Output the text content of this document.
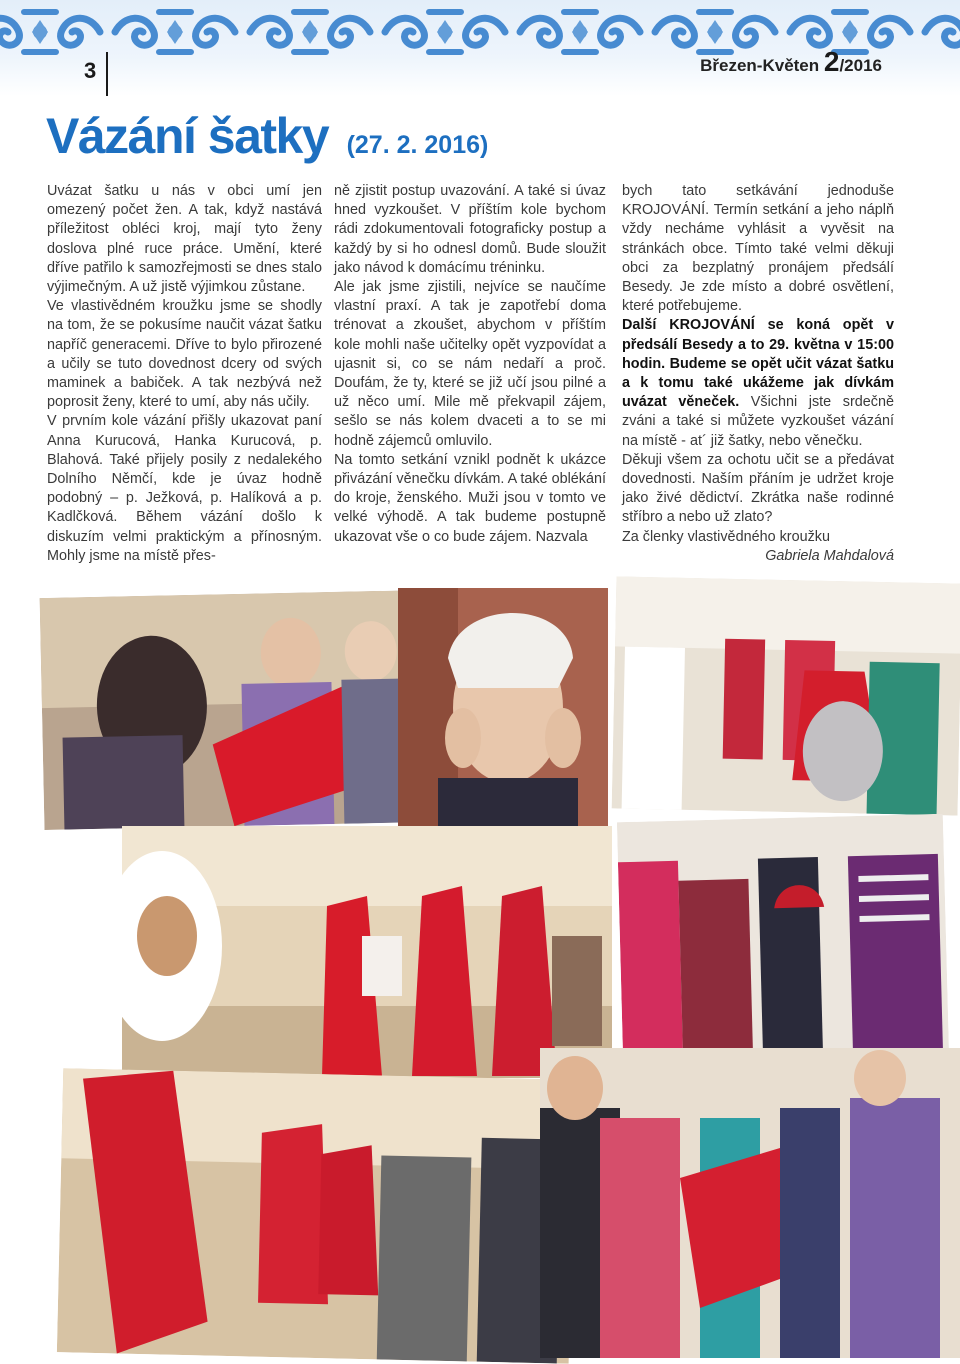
3	Březen-Květen 2/2016
Vázání šatky (27. 2. 2016)

Uvázat šatku u nás v obci umí jen omezený počet žen. A tak, když nastává příležitost obléci kroj, mají tyto ženy doslova plné ruce práce. Umění, které dříve patřilo k samozřejmosti se dnes stalo výjimečným. A už jistě výjimkou zůstane.

Ve vlastivědném kroužku jsme se shodly na tom, že se pokusíme naučit vázat šatku napříč generacemi. Dříve to bylo přirozené a učily se tuto dovednost dcery od svých maminek a babiček. A tak nezbývá než poprosit ženy, které to umí, aby nás učily.

V prvním kole vázání přišly ukazovat paní Anna Kurucová, Hanka Kurucová, p. Blahová. Také přijely posily z nedalekého Dolního Němčí, kde je úvaz hodně podobný – p. Ježková, p. Halíková a p. Kadlčková. Během vázání došlo k diskuzím velmi praktickým a přínosným. Mohly jsme na místě přes-

ně zjistit postup uvazování. A také si úvaz hned vyzkoušet. V příštím kole bychom rádi zdokumentovali fotograficky postup a každý by si ho odnesl domů. Bude sloužit jako návod k domácímu tréninku.

Ale jak jsme zjistili, nejvíce se naučíme vlastní praxí. A tak je zapotřebí doma trénovat a zkoušet, abychom v příštím kole mohli naše učitelky opět vyzpovídat a ujasnit si, co se nám nedaří a proč. Doufám, že ty, které se již učí jsou pilné a už něco umí. Mile mě překvapil zájem, sešlo se nás kolem dvaceti a to se mi hodně zájemců omluvilo.

Na tomto setkání vznikl podnět k ukázce přivázání věnečku dívkám. A také oblékání do kroje, ženského. Muži jsou v tomto ve velké výhodě. A tak budeme postupně ukazovat vše o co bude zájem. Nazvala

bych tato setkávání jednoduše KROJOVÁNÍ. Termín setkání a jeho náplň vždy necháme vyhlásit a vyvěsit na stránkách obce. Tímto také velmi děkuji obci za bezplatný pronájem předsálí Besedy. Je zde místo a dobré osvětlení, které potřebujeme.

Další KROJOVÁNÍ se koná opět v předsálí Besedy a to 29. května v 15:00 hodin. Budeme se opět učit vázat šatku a k tomu také ukážeme jak dívkám uvázat věneček. Všichni jste srdečně zváni a také si můžete vyzkoušet vázání na místě - at´ již šatky, nebo věnečku.

Děkuji všem za ochotu učit se a předávat dovednosti. Naším přáním je udržet kroje jako živé dědictví. Zkrátka naše rodinné stříbro a nebo už zlato?

Za členky vlastivědného kroužku

Gabriela Mahdalová
